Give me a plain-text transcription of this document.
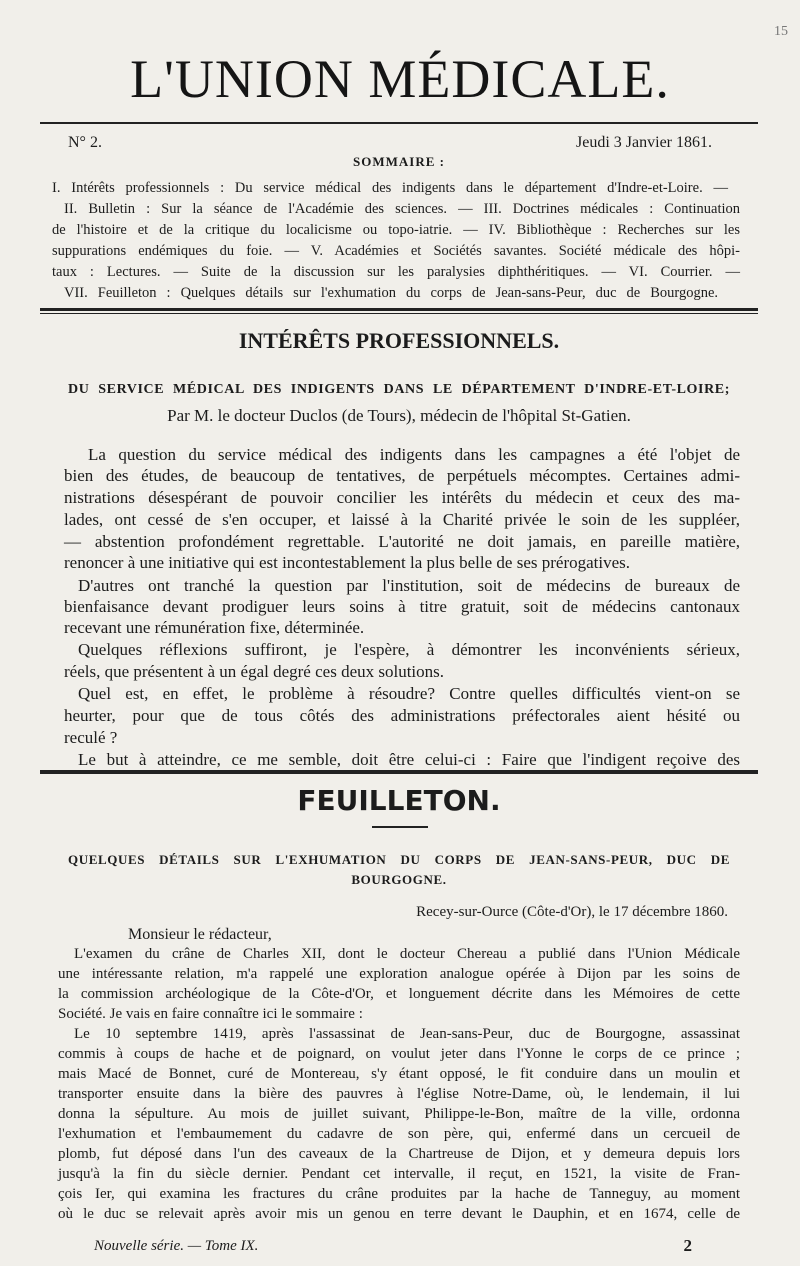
15
L'UNION MÉDICALE.
N° 2.	Jeudi 3 Janvier 1861.
SOMMAIRE :
I. Intérêts professionnels : Du service médical des indigents dans le département d'Indre-et-Loire. —
II. Bulletin : Sur la séance de l'Académie des sciences. — III. Doctrines médicales : Continuation
de l'histoire et de la critique du localicisme ou topo-iatrie. — IV. Bibliothèque : Recherches sur les
suppurations endémiques du foie. — V. Académies et Sociétés savantes. Société médicale des hôpi-
taux : Lectures. — Suite de la discussion sur les paralysies diphthéritiques. — VI. Courrier. —
VII. Feuilleton : Quelques détails sur l'exhumation du corps de Jean-sans-Peur, duc de Bourgogne.
INTÉRÊTS PROFESSIONNELS.
DU SERVICE MÉDICAL DES INDIGENTS DANS LE DÉPARTEMENT D'INDRE-ET-LOIRE;
Par M. le docteur Duclos (de Tours), médecin de l'hôpital St-Gatien.
La question du service médical des indigents dans les campagnes a été l'objet de
bien des études, de beaucoup de tentatives, de perpétuels mécomptes. Certaines admi-
nistrations désespérant de pouvoir concilier les intérêts du médecin et ceux des ma-
lades, ont cessé de s'en occuper, et laissé à la Charité privée le soin de les suppléer,
— abstention profondément regrettable. L'autorité ne doit jamais, en pareille matière,
renoncer à une initiative qui est incontestablement la plus belle de ses prérogatives.
D'autres ont tranché la question par l'institution, soit de médecins de bureaux de
bienfaisance devant prodiguer leurs soins à titre gratuit, soit de médecins cantonaux
recevant une rémunération fixe, déterminée.
Quelques réflexions suffiront, je l'espère, à démontrer les inconvénients sérieux,
réels, que présentent à un égal degré ces deux solutions.
Quel est, en effet, le problème à résoudre? Contre quelles difficultés vient-on se
heurter, pour que de tous côtés des administrations préfectorales aient hésité ou
reculé ?
Le but à atteindre, ce me semble, doit être celui-ci : Faire que l'indigent reçoive des
FEUILLETON.
QUELQUES DÉTAILS SUR L'EXHUMATION DU CORPS DE JEAN-SANS-PEUR, DUC DE
BOURGOGNE.
Recey-sur-Ource (Côte-d'Or), le 17 décembre 1860.
Monsieur le rédacteur,
L'examen du crâne de Charles XII, dont le docteur Chereau a publié dans l'Union Médicale
une intéressante relation, m'a rappelé une exploration analogue opérée à Dijon par les soins de
la commission archéologique de la Côte-d'Or, et longuement décrite dans les Mémoires de cette
Société. Je vais en faire connaître ici le sommaire :
Le 10 septembre 1419, après l'assassinat de Jean-sans-Peur, duc de Bourgogne, assassinat
commis à coups de hache et de poignard, on voulut jeter dans l'Yonne le corps de ce prince ;
mais Macé de Bonnet, curé de Montereau, s'y étant opposé, le fit conduire dans un moulin et
transporter ensuite dans la bière des pauvres à l'église Notre-Dame, où, le lendemain, il lui
donna la sépulture. Au mois de juillet suivant, Philippe-le-Bon, maître de la ville, ordonna
l'exhumation et l'embaumement du cadavre de son père, qui, enfermé dans un cercueil de
plomb, fut déposé dans l'un des caveaux de la Chartreuse de Dijon, et y demeura depuis lors
jusqu'à la fin du siècle dernier. Pendant cet intervalle, il reçut, en 1521, la visite de Fran-
çois Ier, qui examina les fractures du crâne produites par la hache de Tanneguy, au moment
où le duc se relevait après avoir mis un genou en terre devant le Dauphin, et en 1674, celle de
Nouvelle série. — Tome IX.	2
